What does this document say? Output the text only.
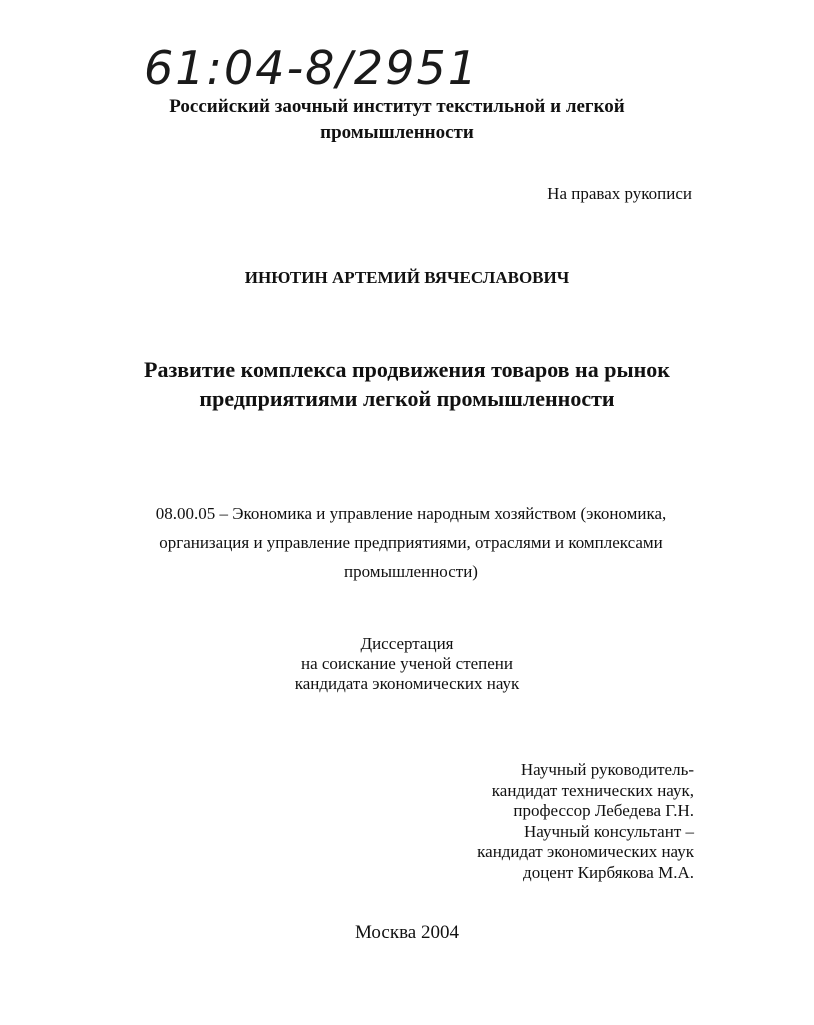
61:04-8/2951
Российский заочный институт текстильной и легкой
промышленности
На правах рукописи
ИНЮТИН АРТЕМИЙ ВЯЧЕСЛАВОВИЧ
Развитие комплекса продвижения товаров на рынок
предприятиями легкой промышленности
08.00.05 – Экономика и управление народным хозяйством (экономика,
организация и управление предприятиями, отраслями и комплексами
промышленности)
Диссертация
на соискание ученой степени
кандидата экономических наук
Научный руководитель-
кандидат технических наук,
профессор Лебедева Г.Н.
Научный консультант –
кандидат экономических наук
доцент Кирбякова М.А.
Москва 2004
